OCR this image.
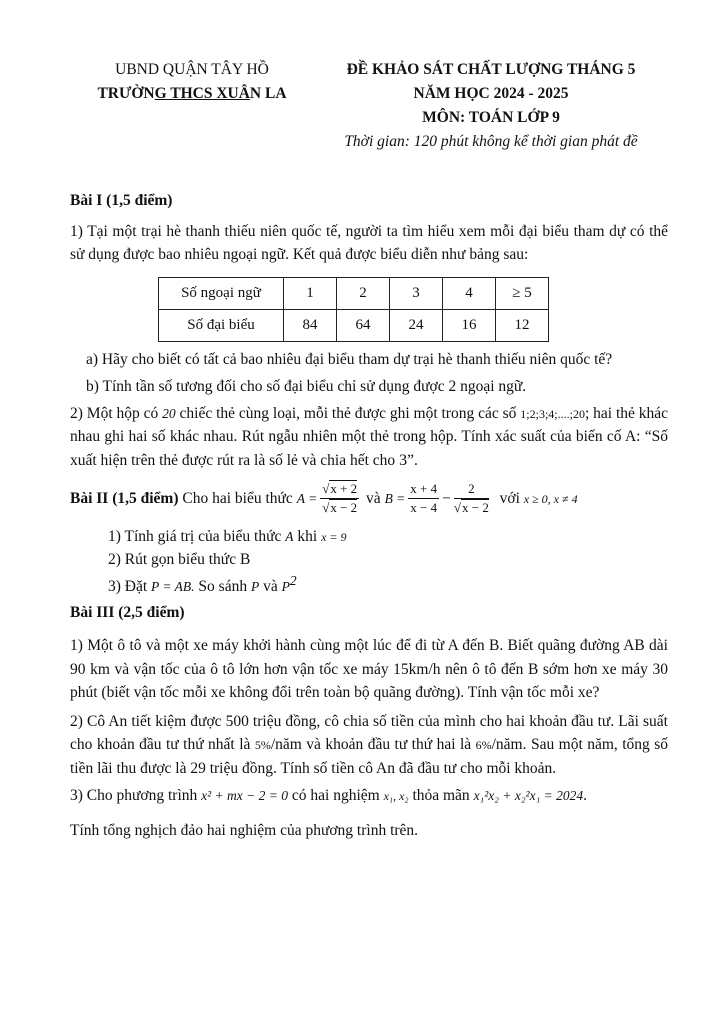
UBND QUẬN TÂY HỒ
TRƯỜNG THCS XUÂN LA
ĐỀ KHẢO SÁT CHẤT LƯỢNG THÁNG 5
NĂM HỌC 2024 - 2025
MÔN: TOÁN LỚP 9
Thời gian: 120 phút không kể thời gian phát đề

Bài I (1,5 điểm)

1) Tại một trại hè thanh thiếu niên quốc tế, người ta tìm hiểu xem mỗi đại biểu tham dự có thể sử dụng được bao nhiêu ngoại ngữ. Kết quả được biểu diễn như bảng sau:

Số ngoại ngữ	1	2	3	4	≥ 5
Số đại biểu	84	64	24	16	12

a) Hãy cho biết có tất cả bao nhiêu đại biểu tham dự trại hè thanh thiếu niên quốc tế?

b) Tính tần số tương đối cho số đại biểu chỉ sử dụng được 2 ngoại ngữ.

2) Một hộp có 20 chiếc thẻ cùng loại, mỗi thẻ được ghi một trong các số 1;2;3;4;....;20; hai thẻ khác nhau ghi hai số khác nhau. Rút ngẫu nhiên một thẻ trong hộp. Tính xác suất của biến cố A: “Số xuất hiện trên thẻ được rút ra là số lẻ và chia hết cho 3”.

Bài II (1,5 điểm) Cho hai biểu thức $A = \frac{√x + 2}{√x - 2}$ và $B = \frac{x + 4}{x - 4} - \frac{2}{√x - 2}$ với x ≥ 0, x ≠ 4

1) Tính giá trị của biểu thức A khi x = 9

2) Rút gọn biểu thức B

3) Đặt P = AB. So sánh P và $P^2$

Bài III (2,5 điểm)

1) Một ô tô và một xe máy khởi hành cùng một lúc để đi từ A đến B. Biết quãng đường AB dài 90 km và vận tốc của ô tô lớn hơn vận tốc xe máy 15km/h nên ô tô đến B sớm hơn xe máy 30 phút (biết vận tốc mỗi xe không đổi trên toàn bộ quãng đường). Tính vận tốc mỗi xe?

2) Cô An tiết kiệm được 500 triệu đồng, cô chia số tiền của mình cho hai khoản đầu tư. Lãi suất cho khoản đầu tư thứ nhất là 5%/năm và khoản đầu tư thứ hai là 6%/năm. Sau một năm, tổng số tiền lãi thu được là 29 triệu đồng. Tính số tiền cô An đã đầu tư cho mỗi khoản.

3) Cho phương trình x² + mx − 2 = 0 có hai nghiệm x₁, x₂ thỏa mãn x₁²x₂ + x₂²x₁ = 2024.

Tính tổng nghịch đảo hai nghiệm của phương trình trên.
